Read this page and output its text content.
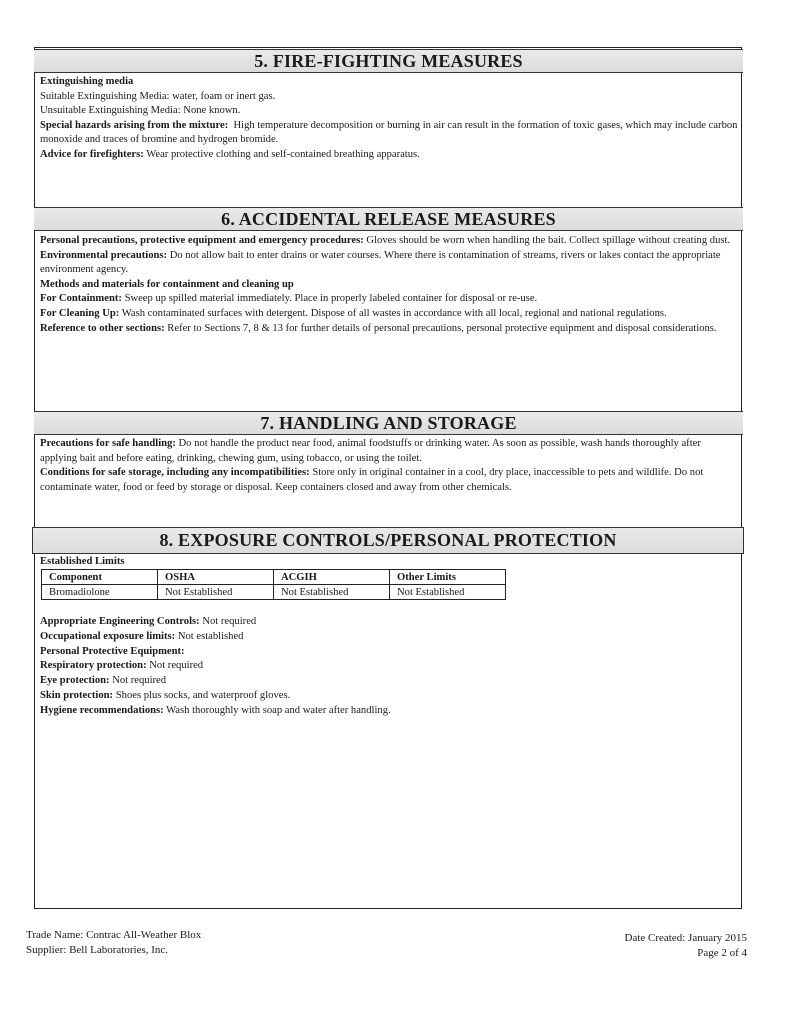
5. FIRE-FIGHTING MEASURES

Extinguishing media

Suitable Extinguishing Media: water, foam or inert gas.

Unsuitable Extinguishing Media: None known.

Special hazards arising from the mixture: High temperature decomposition or burning in air can result in the formation of toxic gases, which may include carbon monoxide and traces of bromine and hydrogen bromide.

Advice for firefighters: Wear protective clothing and self-contained breathing apparatus.

6. ACCIDENTAL RELEASE MEASURES

Personal precautions, protective equipment and emergency procedures: Gloves should be worn when handling the bait. Collect spillage without creating dust.

Environmental precautions: Do not allow bait to enter drains or water courses. Where there is contamination of streams, rivers or lakes contact the appropriate environment agency.

Methods and materials for containment and cleaning up

For Containment: Sweep up spilled material immediately. Place in properly labeled container for disposal or re-use.

For Cleaning Up: Wash contaminated surfaces with detergent. Dispose of all wastes in accordance with all local, regional and national regulations.

Reference to other sections: Refer to Sections 7, 8 & 13 for further details of personal precautions, personal protective equipment and disposal considerations.

7. HANDLING AND STORAGE

Precautions for safe handling: Do not handle the product near food, animal foodstuffs or drinking water. As soon as possible, wash hands thoroughly after applying bait and before eating, drinking, chewing gum, using tobacco, or using the toilet.

Conditions for safe storage, including any incompatibilities: Store only in original container in a cool, dry place, inaccessible to pets and wildlife. Do not contaminate water, food or feed by storage or disposal. Keep containers closed and away from other chemicals.

8. EXPOSURE CONTROLS/PERSONAL PROTECTION

Established Limits

Component	OSHA	ACGIH	Other Limits
Bromadiolone	Not Established	Not Established	Not Established

Appropriate Engineering Controls: Not required

Occupational exposure limits: Not established

Personal Protective Equipment:

Respiratory protection: Not required

Eye protection: Not required

Skin protection: Shoes plus socks, and waterproof gloves.

Hygiene recommendations: Wash thoroughly with soap and water after handling.

Trade Name: Contrac All-Weather Blox

Supplier: Bell Laboratories, Inc.

Date Created: January 2015

Page 2 of 4
